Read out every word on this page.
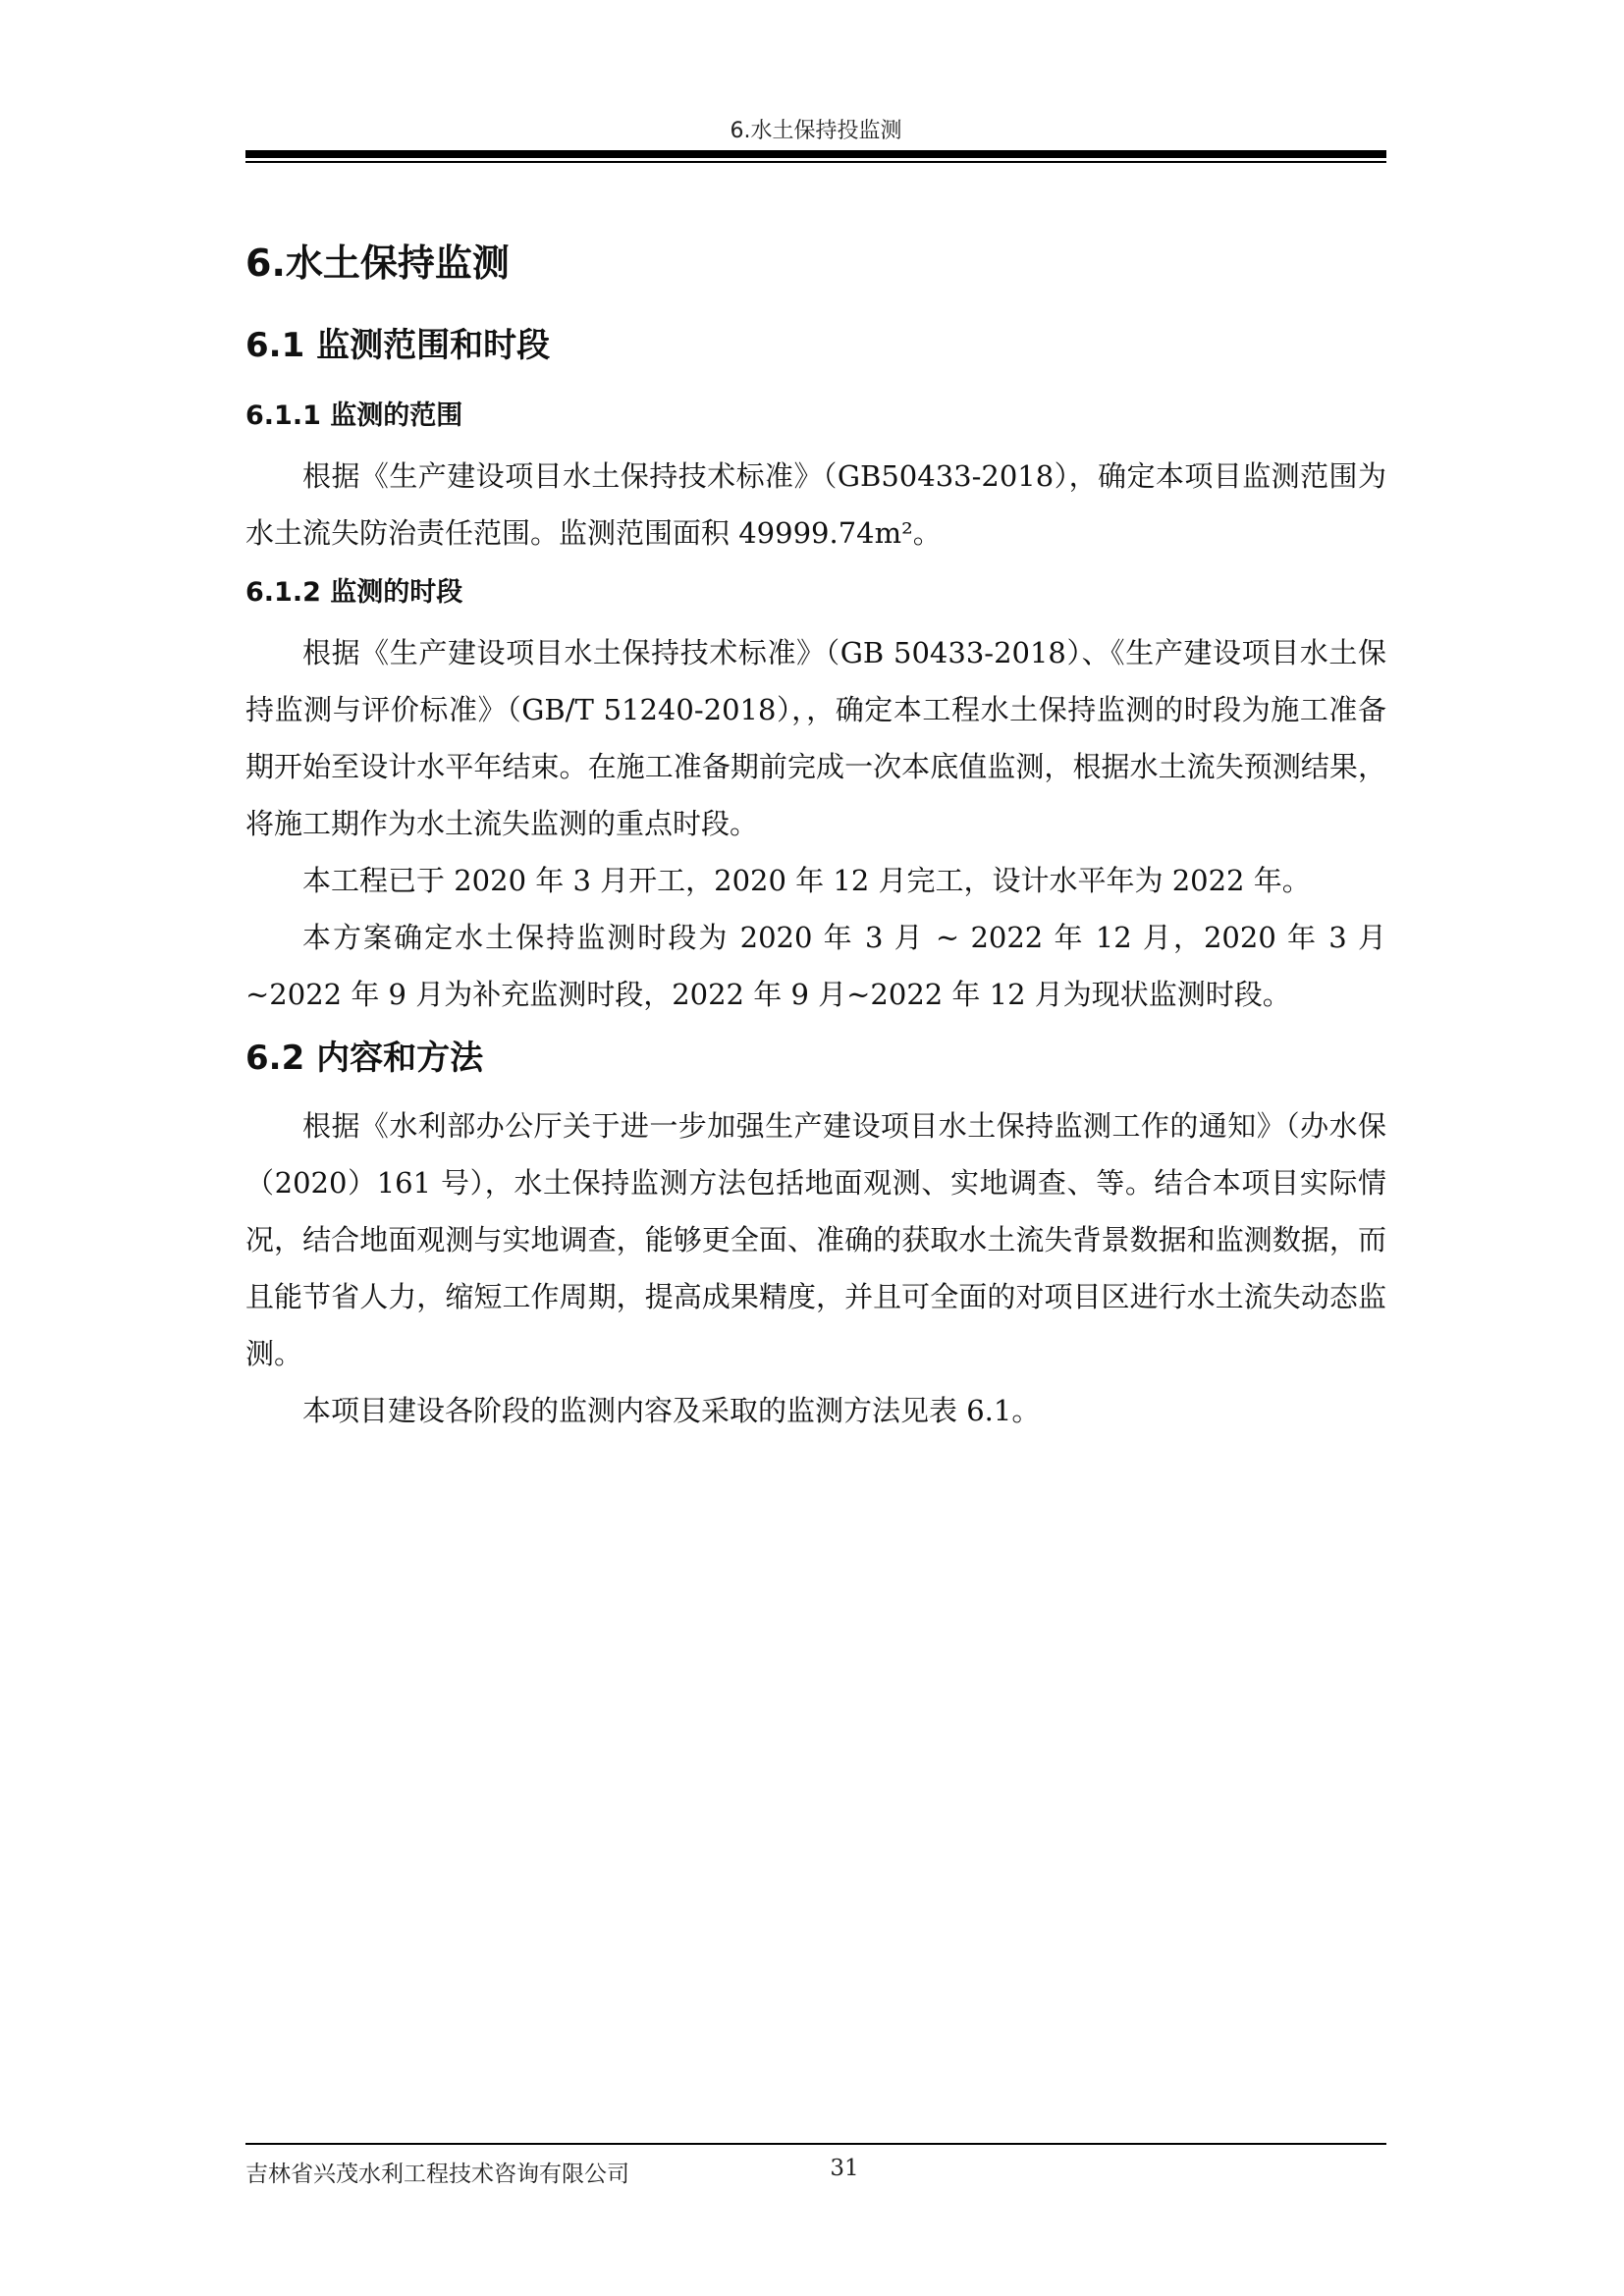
6.水土保持投监测
6.水土保持监测
6.1 监测范围和时段
6.1.1 监测的范围

根据《生产建设项目水土保持技术标准》（GB50433-2018），确定本项目监测范围为水土流失防治责任范围。监测范围面积 49999.74m²。

6.1.2 监测的时段

根据《生产建设项目水土保持技术标准》（GB 50433-2018）、《生产建设项目水土保持监测与评价标准》（GB/T 51240-2018），，确定本工程水土保持监测的时段为施工准备期开始至设计水平年结束。在施工准备期前完成一次本底值监测，根据水土流失预测结果，将施工期作为水土流失监测的重点时段。

本工程已于 2020 年 3 月开工，2020 年 12 月完工，设计水平年为 2022 年。

本方案确定水土保持监测时段为 2020 年 3 月 ~ 2022 年 12 月，2020 年 3 月 ~2022 年 9 月为补充监测时段，2022 年 9 月~2022 年 12 月为现状监测时段。

6.2 内容和方法

根据《水利部办公厅关于进一步加强生产建设项目水土保持监测工作的通知》（办水保（2020）161 号），水土保持监测方法包括地面观测、实地调查、等。结合本项目实际情况，结合地面观测与实地调查，能够更全面、准确的获取水土流失背景数据和监测数据，而且能节省人力，缩短工作周期，提高成果精度，并且可全面的对项目区进行水土流失动态监测。

本项目建设各阶段的监测内容及采取的监测方法见表 6.1。

吉林省兴茂水利工程技术咨询有限公司	31
